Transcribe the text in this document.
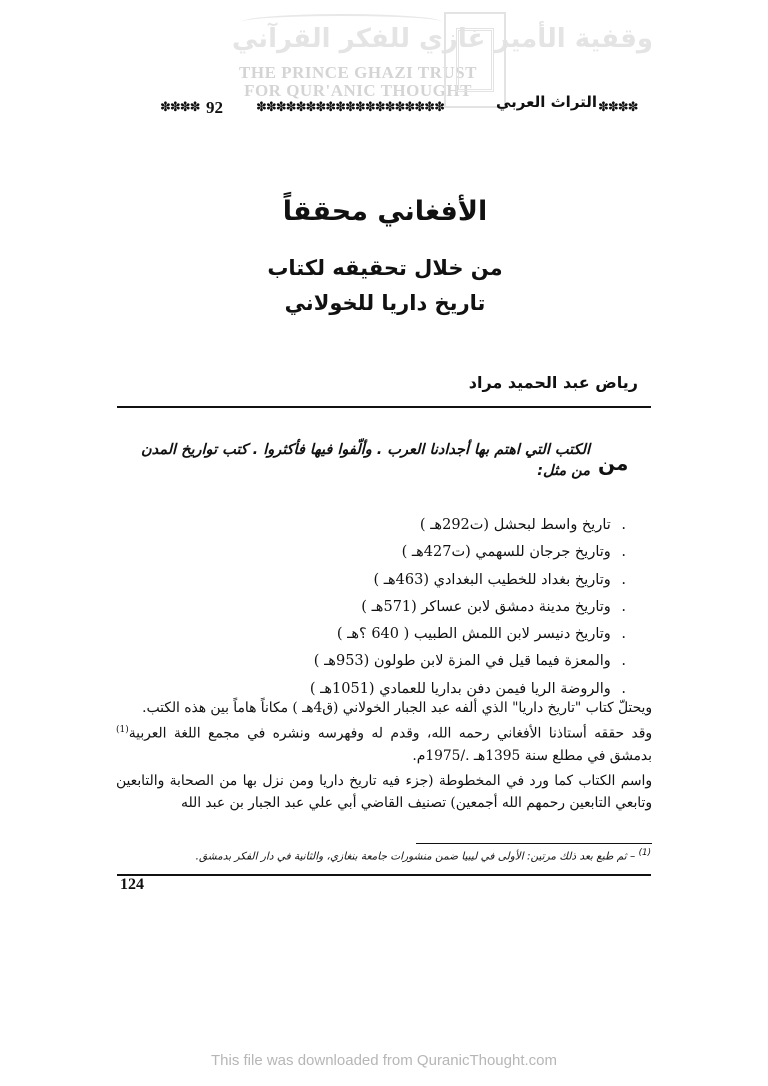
وقفية الأمير غازي للفكر القرآني
THE PRINCE GHAZI TRUST
FOR QUR'ANIC THOUGHT
✽✽✽✽ 92	✽✽✽✽✽✽✽✽✽✽✽✽✽✽✽✽✽✽✽	التراث العربي ✽✽✽✽
الأفغاني محققاً
من خلال تحقيقه لكتاب
تاريخ داريا للخولاني
رياض عبد الحميد مراد
من
الكتب التي اهتم بها أجدادنا العرب . وألّفوا فيها فأكثروا . كتب تواريخ المدن من مثل:
. تاريخ واسط لبحشل (ت292هـ )
. وتاريخ جرجان للسهمي (ت427هـ )
. وتاريخ بغداد للخطيب البغدادي (463هـ )
. وتاريخ مدينة دمشق لابن عساكر (571هـ )
. وتاريخ دنيسر لابن اللمش الطبيب ( 640 ؟هـ )
. والمعزة فيما قيل في المزة لابن طولون (953هـ )
. والروضة الريا فيمن دفن بداريا للعمادي (1051هـ )
ويحتلّ كتاب "تاريخ داريا" الذي ألفه عبد الجبار الخولاني (ق4هـ ) مكاناً هاماً بين هذه الكتب.
وقد حققه أستاذنا الأفغاني رحمه الله، وقدم له وفهرسه ونشره في مجمع اللغة العربية$^{(1)}$ بدمشق في مطلع سنة 1395هـ ./1975م.
واسم الكتاب كما ورد في المخطوطة (جزء فيه تاريخ داريا ومن نزل بها من الصحابة والتابعين وتابعي التابعين رحمهم الله أجمعين) تصنيف القاضي أبي علي عبد الجبار بن عبد الله
$^{(1)}$ – ثم طبع بعد ذلك مرتين: الأولى في ليبيا ضمن منشورات جامعة بنغازي، والثانية في دار الفكر بدمشق.
124
This file was downloaded from QuranicThought.com
